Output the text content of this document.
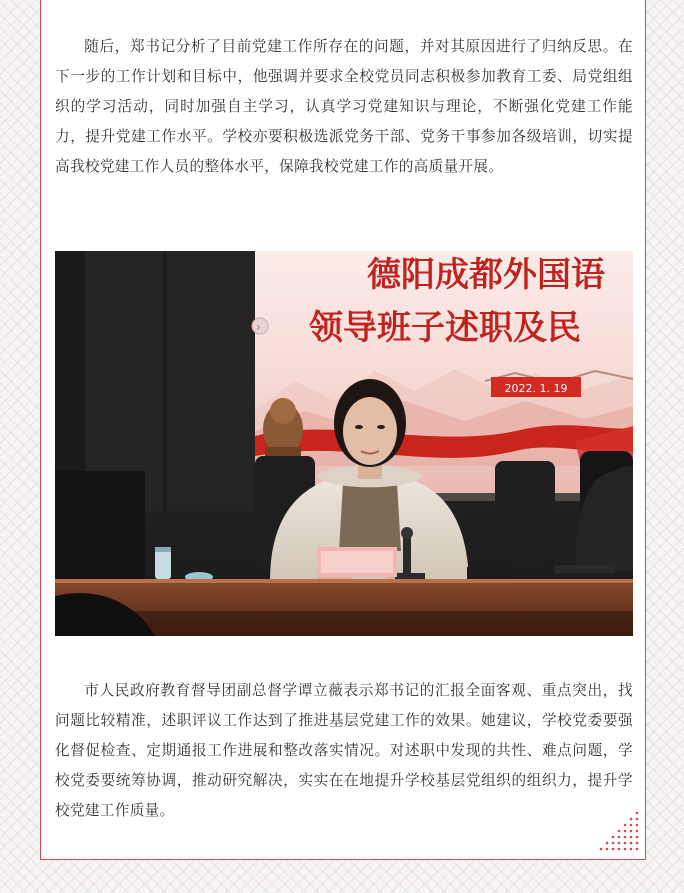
随后，郑书记分析了目前党建工作所存在的问题，并对其原因进行了归纳反思。在下一步的工作计划和目标中，他强调并要求全校党员同志积极参加教育工委、局党组组织的学习活动，同时加强自主学习，认真学习党建知识与理论，不断强化党建工作能力，提升党建工作水平。学校亦要积极选派党务干部、党务干事参加各级培训，切实提高我校党建工作人员的整体水平，保障我校党建工作的高质量开展。

德阳成都外国语
领导班子述职及民
›
2022. 1. 19

市人民政府教育督导团副总督学谭立薇表示郑书记的汇报全面客观、重点突出，找问题比较精准，述职评议工作达到了推进基层党建工作的效果。她建议，学校党委要强化督促检查、定期通报工作进展和整改落实情况。对述职中发现的共性、难点问题，学校党委要统筹协调，推动研究解决，实实在在地提升学校基层党组织的组织力，提升学校党建工作质量。
